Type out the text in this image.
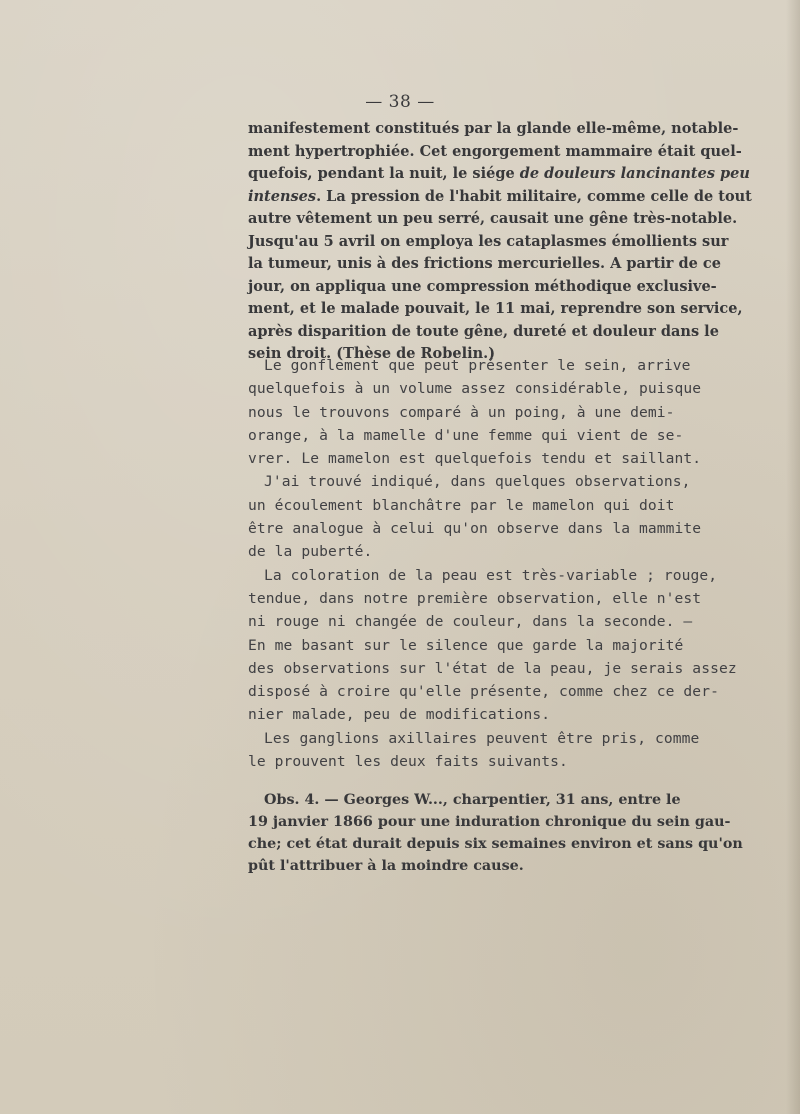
— 38 —
manifestement constitués par la glande elle-même, notable-
ment hypertrophiée. Cet engorgement mammaire était quel-
quefois, pendant la nuit, le siége de douleurs lancinantes peu
intenses. La pression de l'habit militaire, comme celle de tout
autre vêtement un peu serré, causait une gêne très-notable.
Jusqu'au 5 avril on employa les cataplasmes émollients sur
la tumeur, unis à des frictions mercurielles. A partir de ce
jour, on appliqua une compression méthodique exclusive-
ment, et le malade pouvait, le 11 mai, reprendre son service,
après disparition de toute gêne, dureté et douleur dans le
sein droit. (Thèse de Robelin.)
Le gonflement que peut présenter le sein, arrive
quelquefois à un volume assez considérable, puisque
nous le trouvons comparé à un poing, à une demi-
orange, à la mamelle d'une femme qui vient de se-
vrer. Le mamelon est quelquefois tendu et saillant.
J'ai trouvé indiqué, dans quelques observations,
un écoulement blanchâtre par le mamelon qui doit
être analogue à celui qu'on observe dans la mammite
de la puberté.
La coloration de la peau est très-variable ; rouge,
tendue, dans notre première observation, elle n'est
ni rouge ni changée de couleur, dans la seconde. —
En me basant sur le silence que garde la majorité
des observations sur l'état de la peau, je serais assez
disposé à croire qu'elle présente, comme chez ce der-
nier malade, peu de modifications.
Les ganglions axillaires peuvent être pris, comme
le prouvent les deux faits suivants.
Obs. 4. — Georges W..., charpentier, 31 ans, entre le
19 janvier 1866 pour une induration chronique du sein gau-
che; cet état durait depuis six semaines environ et sans qu'on
pût l'attribuer à la moindre cause.
